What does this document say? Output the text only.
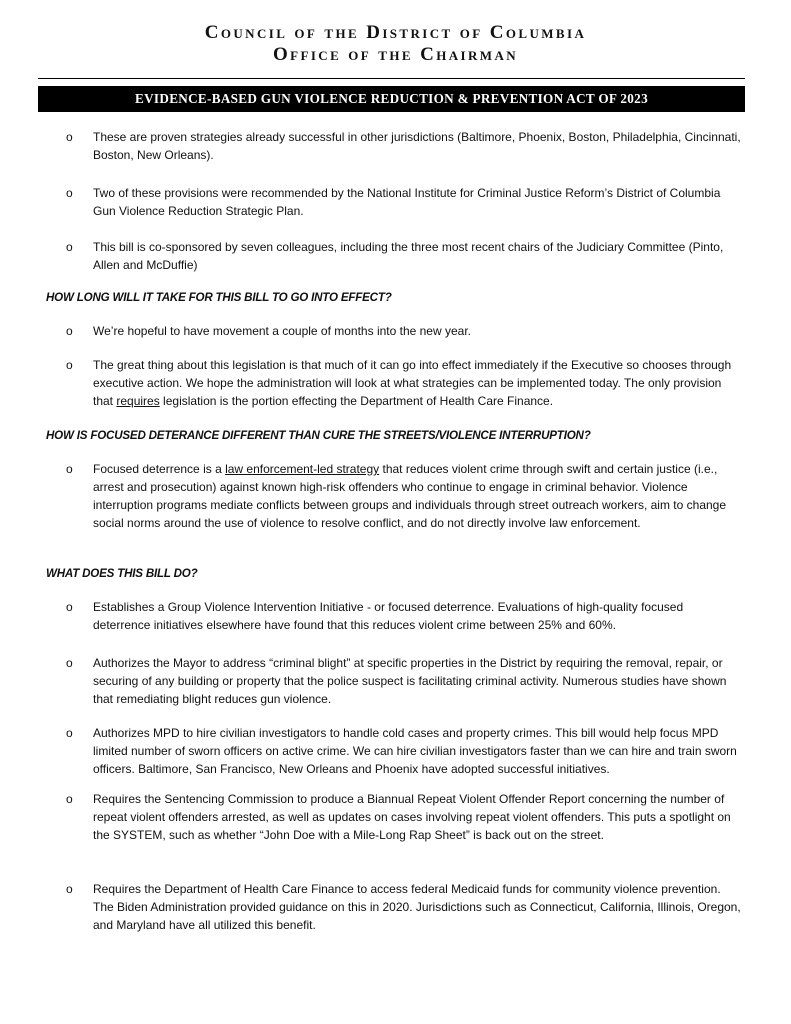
Council of the District of Columbia
Office of the Chairman
EVIDENCE-BASED GUN VIOLENCE REDUCTION & PREVENTION ACT OF 2023
o These are proven strategies already successful in other jurisdictions (Baltimore, Phoenix, Boston, Philadelphia, Cincinnati, Boston, New Orleans).
o Two of these provisions were recommended by the National Institute for Criminal Justice Reform’s District of Columbia Gun Violence Reduction Strategic Plan.
o This bill is co-sponsored by seven colleagues, including the three most recent chairs of the Judiciary Committee (Pinto, Allen and McDuffie)
HOW LONG WILL IT TAKE FOR THIS BILL TO GO INTO EFFECT?
o We’re hopeful to have movement a couple of months into the new year.
o The great thing about this legislation is that much of it can go into effect immediately if the Executive so chooses through executive action. We hope the administration will look at what strategies can be implemented today. The only provision that requires legislation is the portion effecting the Department of Health Care Finance.
HOW IS FOCUSED DETERANCE DIFFERENT THAN CURE THE STREETS/VIOLENCE INTERRUPTION?
o Focused deterrence is a law enforcement-led strategy that reduces violent crime through swift and certain justice (i.e., arrest and prosecution) against known high-risk offenders who continue to engage in criminal behavior. Violence interruption programs mediate conflicts between groups and individuals through street outreach workers, aim to change social norms around the use of violence to resolve conflict, and do not directly involve law enforcement.
WHAT DOES THIS BILL DO?
o Establishes a Group Violence Intervention Initiative - or focused deterrence. Evaluations of high-quality focused deterrence initiatives elsewhere have found that this reduces violent crime between 25% and 60%.
o Authorizes the Mayor to address “criminal blight” at specific properties in the District by requiring the removal, repair, or securing of any building or property that the police suspect is facilitating criminal activity. Numerous studies have shown that remediating blight reduces gun violence.
o Authorizes MPD to hire civilian investigators to handle cold cases and property crimes. This bill would help focus MPD limited number of sworn officers on active crime. We can hire civilian investigators faster than we can hire and train sworn officers. Baltimore, San Francisco, New Orleans and Phoenix have adopted successful initiatives.
o Requires the Sentencing Commission to produce a Biannual Repeat Violent Offender Report concerning the number of repeat violent offenders arrested, as well as updates on cases involving repeat violent offenders. This puts a spotlight on the SYSTEM, such as whether “John Doe with a Mile-Long Rap Sheet” is back out on the street.
o Requires the Department of Health Care Finance to access federal Medicaid funds for community violence prevention. The Biden Administration provided guidance on this in 2020. Jurisdictions such as Connecticut, California, Illinois, Oregon, and Maryland have all utilized this benefit.
